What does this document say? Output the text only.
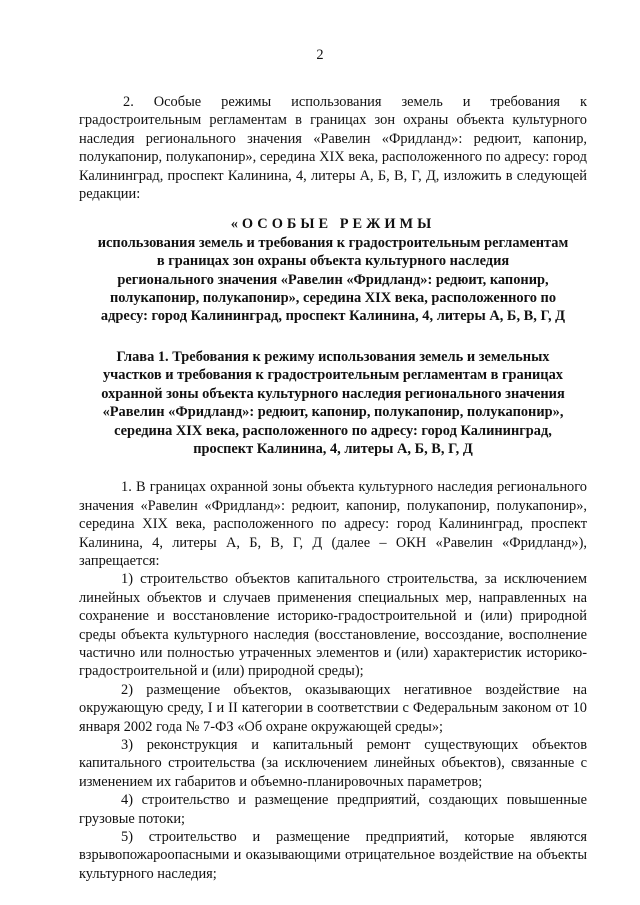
2

2. Особые режимы использования земель и требования к градостроительным регламентам в границах зон охраны объекта культурного наследия регионального значения «Равелин «Фридланд»: редюит, капонир, полукапонир, полукапонир», середина XIX века, расположенного по адресу: город Калининград, проспект Калинина, 4, литеры А, Б, В, Г, Д, изложить в следующей редакции:

«ОСОБЫЕ РЕЖИМЫ

использования земель и требования к градостроительным регламентам

в границах зон охраны объекта культурного наследия

регионального значения «Равелин «Фридланд»: редюит, капонир,

полукапонир, полукапонир», середина XIX века, расположенного по

адресу: город Калининград, проспект Калинина, 4, литеры А, Б, В, Г, Д

Глава 1. Требования к режиму использования земель и земельных

участков и требования к градостроительным регламентам в границах

охранной зоны объекта культурного наследия регионального значения

«Равелин «Фридланд»: редюит, капонир, полукапонир, полукапонир»,

середина XIX века, расположенного по адресу: город Калининград,

проспект Калинина, 4, литеры А, Б, В, Г, Д

1. В границах охранной зоны объекта культурного наследия регионального значения «Равелин «Фридланд»: редюит, капонир, полукапонир, полукапонир», середина XIX века, расположенного по адресу: город Калининград, проспект Калинина, 4, литеры А, Б, В, Г, Д (далее – ОКН «Равелин «Фридланд»), запрещается:

1) строительство объектов капитального строительства, за исключением линейных объектов и случаев применения специальных мер, направленных на сохранение и восстановление историко-градостроительной и (или) природной среды объекта культурного наследия (восстановление, воссоздание, восполнение частично или полностью утраченных элементов и (или) характеристик историко-градостроительной и (или) природной среды);

2) размещение объектов, оказывающих негативное воздействие на окружающую среду, I и II категории в соответствии с Федеральным законом от 10 января 2002 года № 7-ФЗ «Об охране окружающей среды»;

3) реконструкция и капитальный ремонт существующих объектов капитального строительства (за исключением линейных объектов), связанные с изменением их габаритов и объемно-планировочных параметров;

4) строительство и размещение предприятий, создающих повышенные грузовые потоки;

5) строительство и размещение предприятий, которые являются взрывопожароопасными и оказывающими отрицательное воздействие на объекты культурного наследия;
